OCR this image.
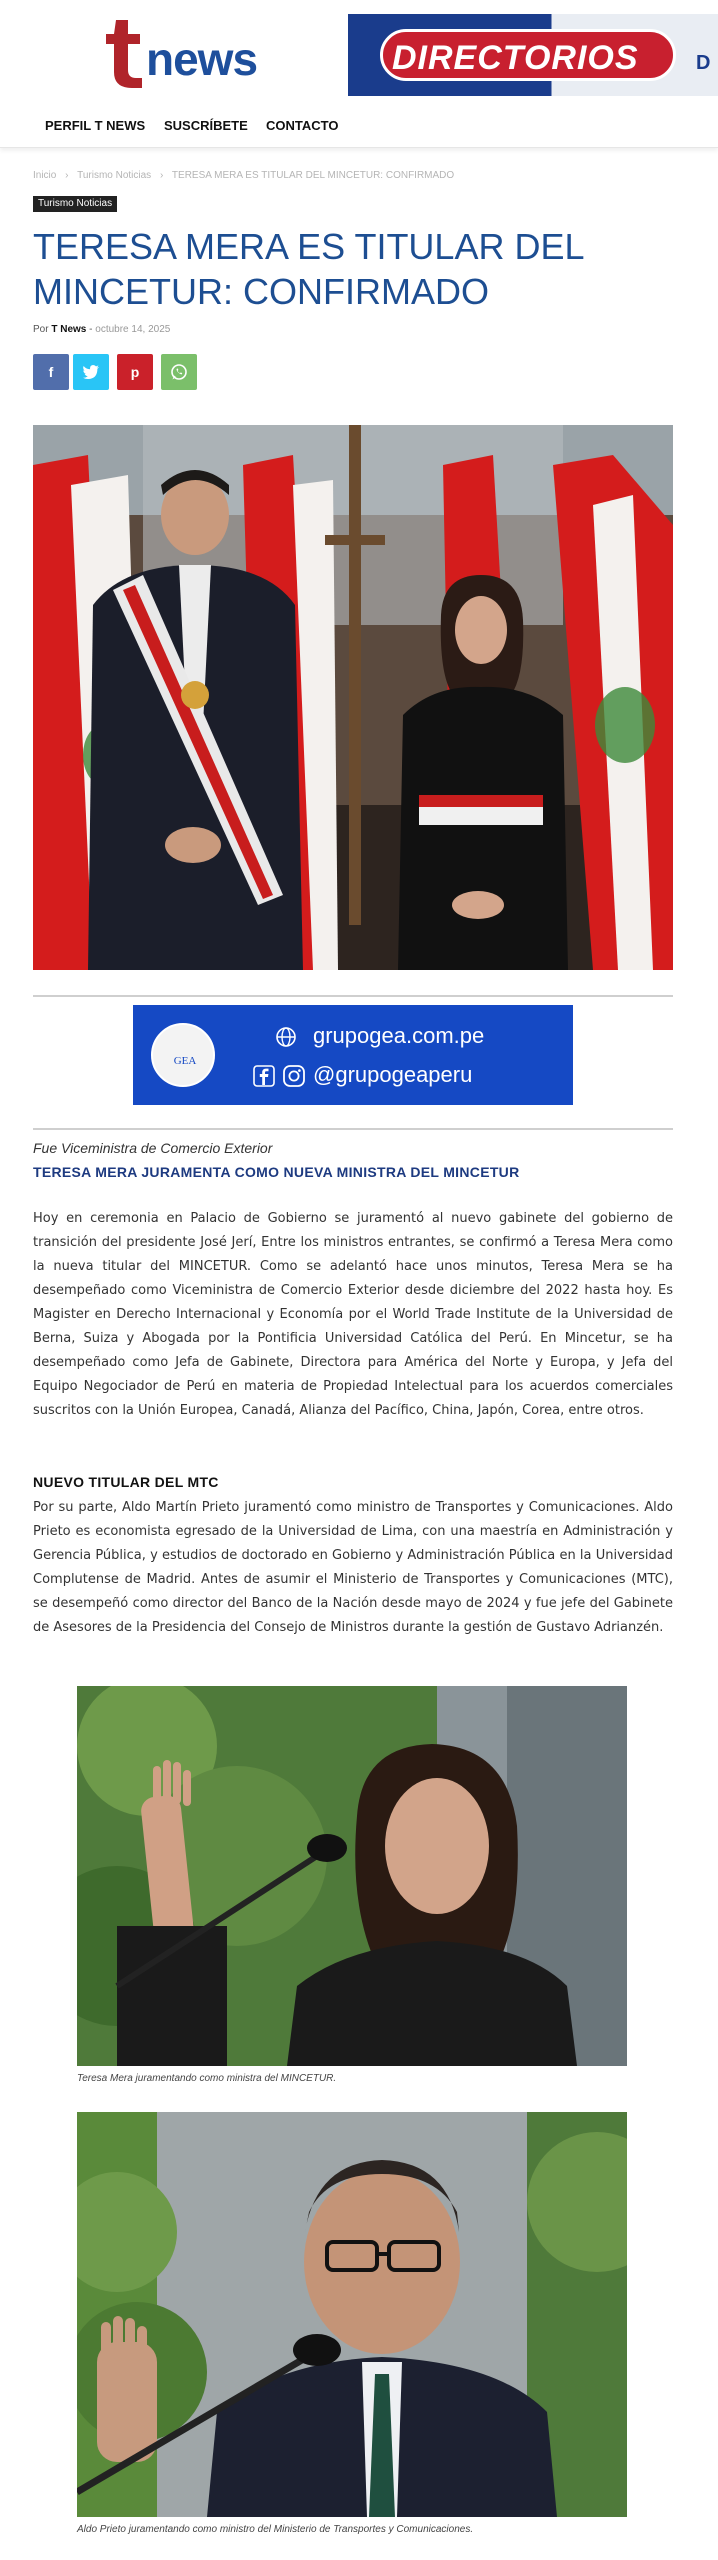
news	DIRECTORIOS	D
PERFIL T NEWS SUSCRÍBETE CONTACTO
Inicio › Turismo Noticias › TERESA MERA ES TITULAR DEL MINCETUR: CONFIRMADO
Turismo Noticias
TERESA MERA ES TITULAR DEL MINCETUR: CONFIRMADO
Por T News - octubre 14, 2025
f	p
GEA
grupogea.com.pe
@grupogeaperu
Fue Viceministra de Comercio Exterior
TERESA MERA JURAMENTA COMO NUEVA MINISTRA DEL MINCETUR

Hoy en ceremonia en Palacio de Gobierno se juramentó al nuevo gabinete del gobierno de transición del presidente José Jerí, Entre los ministros entrantes, se confirmó a Teresa Mera como la nueva titular del MINCETUR. Como se adelantó hace unos minutos, Teresa Mera se ha desempeñado como Viceministra de Comercio Exterior desde diciembre del 2022 hasta hoy. Es Magister en Derecho Internacional y Economía por el World Trade Institute de la Universidad de Berna, Suiza y Abogada por la Pontificia Universidad Católica del Perú. En Mincetur, se ha desempeñado como Jefa de Gabinete, Directora para América del Norte y Europa, y Jefa del Equipo Negociador de Perú en materia de Propiedad Intelectual para los acuerdos comerciales suscritos con la Unión Europea, Canadá, Alianza del Pacífico, China, Japón, Corea, entre otros.

NUEVO TITULAR DEL MTC

Por su parte, Aldo Martín Prieto juramentó como ministro de Transportes y Comunicaciones. Aldo Prieto es economista egresado de la Universidad de Lima, con una maestría en Administración y Gerencia Pública, y estudios de doctorado en Gobierno y Administración Pública en la Universidad Complutense de Madrid. Antes de asumir el Ministerio de Transportes y Comunicaciones (MTC), se desempeñó como director del Banco de la Nación desde mayo de 2024 y fue jefe del Gabinete de Asesores de la Presidencia del Consejo de Ministros durante la gestión de Gustavo Adrianzén.

Teresa Mera juramentando como ministra del MINCETUR.
Aldo Prieto juramentando como ministro del Ministerio de Transportes y Comunicaciones.
